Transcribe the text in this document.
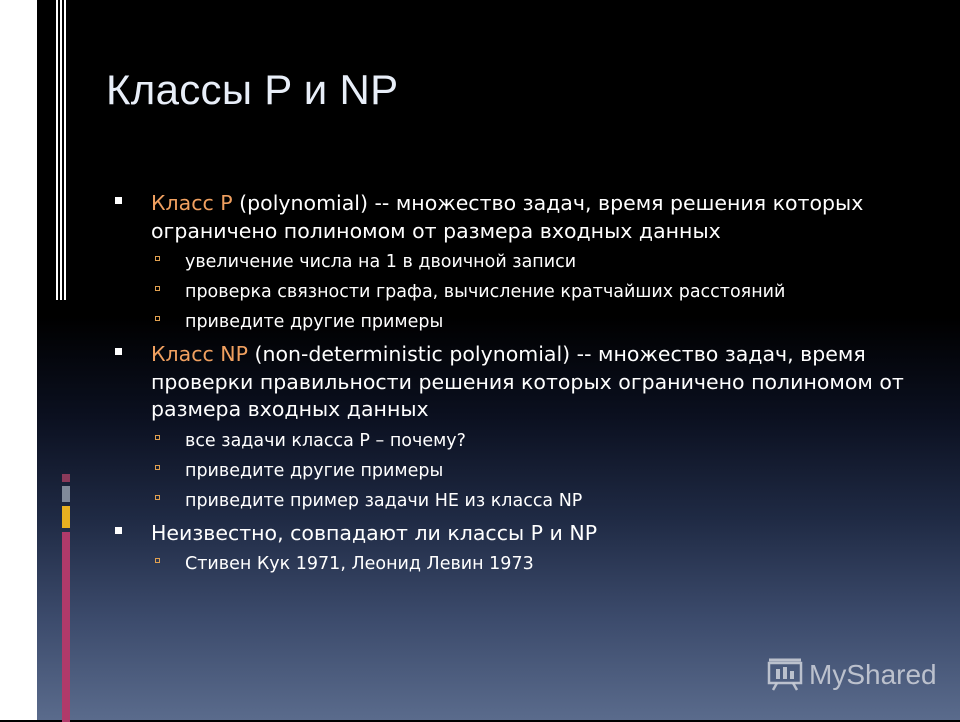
Классы P и NP
Класс P (polynomial) -- множество задач, время решения которых ограничено полиномом от размера входных данных
увеличение числа на 1 в двоичной записи
проверка связности графа, вычисление кратчайших расстояний
приведите другие примеры
Класс NP (non-deterministic polynomial) -- множество задач, время проверки правильности решения которых ограничено полиномом от размера входных данных
все задачи класса P – почему?
приведите другие примеры
приведите пример задачи НЕ из класса NP
Неизвестно, совпадают ли классы P и NP
Стивен Кук 1971, Леонид Левин 1973
MyShared
